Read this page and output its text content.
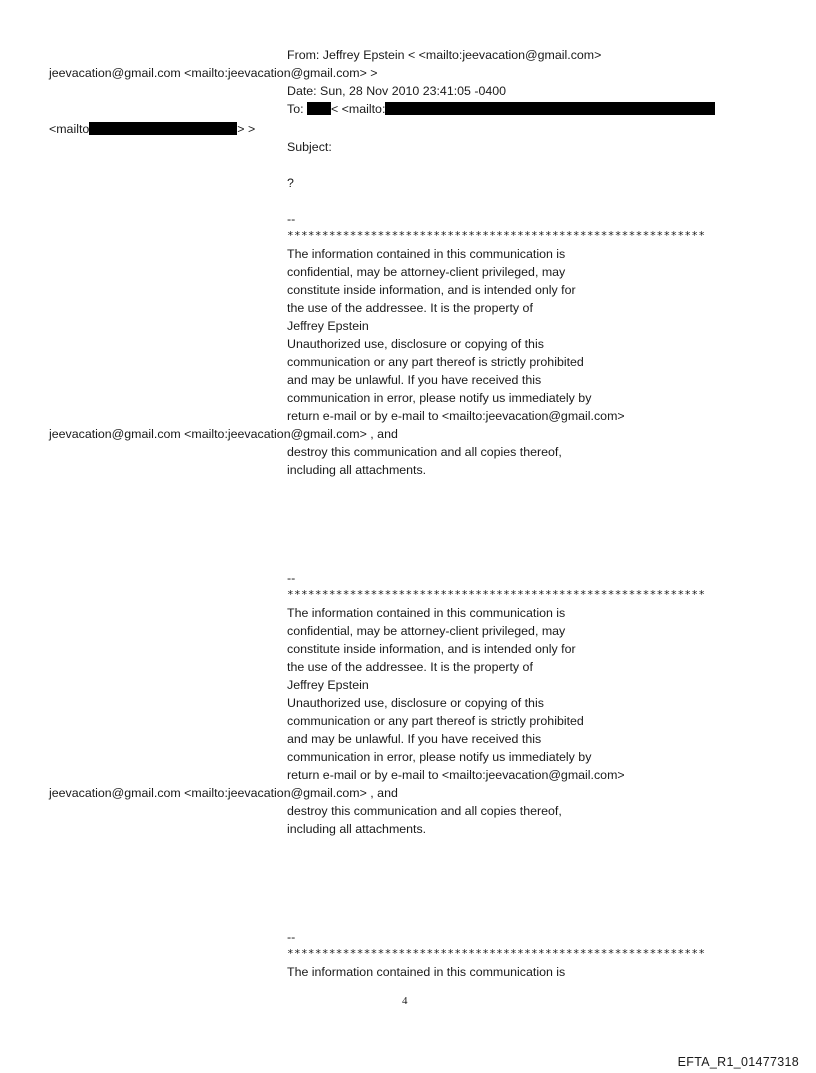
From: Jeffrey Epstein < <mailto:jeevacation@gmail.com>
jeevacation@gmail.com <mailto:jeevacation@gmail.com> >
Date: Sun, 28 Nov 2010 23:41:05 -0400
To: < <mailto:
<mailto	> >
Subject:
?
--
************************************************************
The information contained in this communication is
confidential, may be attorney-client privileged, may
constitute inside information, and is intended only for
the use of the addressee. It is the property of
Jeffrey Epstein
Unauthorized use, disclosure or copying of this
communication or any part thereof is strictly prohibited
and may be unlawful. If you have received this
communication in error, please notify us immediately by
return e-mail or by e-mail to <mailto:jeevacation@gmail.com>
jeevacation@gmail.com <mailto:jeevacation@gmail.com> , and
destroy this communication and all copies thereof,
including all attachments.
--
************************************************************
The information contained in this communication is
confidential, may be attorney-client privileged, may
constitute inside information, and is intended only for
the use of the addressee. It is the property of
Jeffrey Epstein
Unauthorized use, disclosure or copying of this
communication or any part thereof is strictly prohibited
and may be unlawful. If you have received this
communication in error, please notify us immediately by
return e-mail or by e-mail to <mailto:jeevacation@gmail.com>
jeevacation@gmail.com <mailto:jeevacation@gmail.com> , and
destroy this communication and all copies thereof,
including all attachments.
--
************************************************************
The information contained in this communication is
4
EFTA_R1_01477318
